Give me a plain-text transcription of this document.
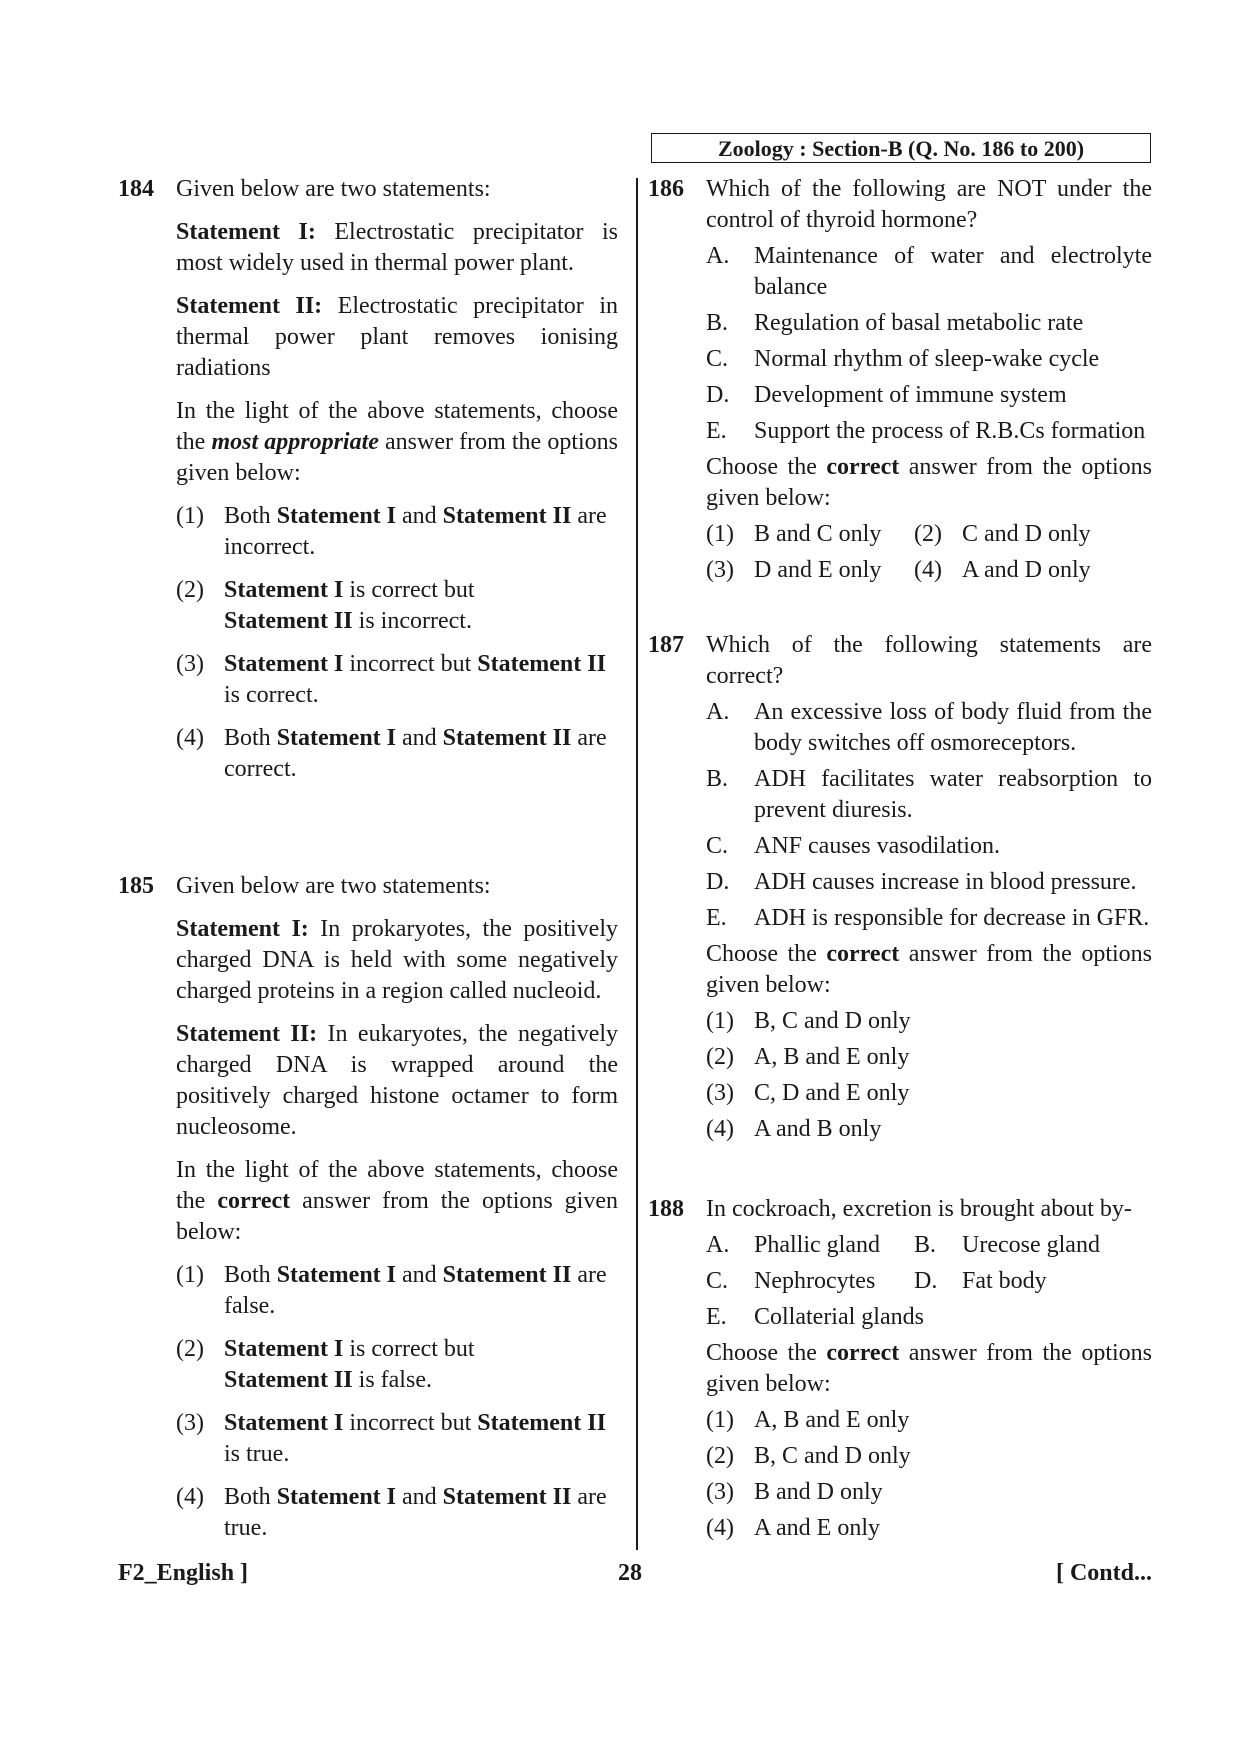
Zoology : Section-B (Q. No. 186 to 200)
184 Given below are two statements:
Statement I: Electrostatic precipitator is most widely used in thermal power plant.
Statement II: Electrostatic precipitator in thermal power plant removes ionising radiations
In the light of the above statements, choose the most appropriate answer from the options given below:
(1) Both Statement I and Statement II are incorrect.
(2) Statement I is correct but
Statement II is incorrect.
(3) Statement I incorrect but Statement II is correct.
(4) Both Statement I and Statement II are correct.
185 Given below are two statements:
Statement I: In prokaryotes, the positively charged DNA is held with some negatively charged proteins in a region called nucleoid.
Statement II: In eukaryotes, the negatively charged DNA is wrapped around the positively charged histone octamer to form nucleosome.
In the light of the above statements, choose the correct answer from the options given below:
(1) Both Statement I and Statement II are false.
(2) Statement I is correct but
Statement II is false.
(3) Statement I incorrect but Statement II is true.
(4) Both Statement I and Statement II are true.
186 Which of the following are NOT under the control of thyroid hormone?
A.	Maintenance of water and electrolyte balance
B.	Regulation of basal metabolic rate
C.	Normal rhythm of sleep-wake cycle
D.	Development of immune system
E.	Support the process of R.B.Cs formation
Choose the correct answer from the options given below:
(1) B and C only	(2) C and D only
(3) D and E only	(4) A and D only
187 Which of the following statements are correct?
A.	An excessive loss of body fluid from the body switches off osmoreceptors.
B.	ADH facilitates water reabsorption to prevent diuresis.
C.	ANF causes vasodilation.
D.	ADH causes increase in blood pressure.
E.	ADH is responsible for decrease in GFR.
Choose the correct answer from the options given below:
(1) B, C and D only
(2) A, B and E only
(3) C, D and E only
(4) A and B only
188 In cockroach, excretion is brought about by-
A.	Phallic gland	B.	Urecose gland
C.	Nephrocytes	D.	Fat body
E.	Collaterial glands
Choose the correct answer from the options given below:
(1) A, B and E only
(2) B, C and D only
(3) B and D only
(4) A and E only
F2_English ]	28	[ Contd...
